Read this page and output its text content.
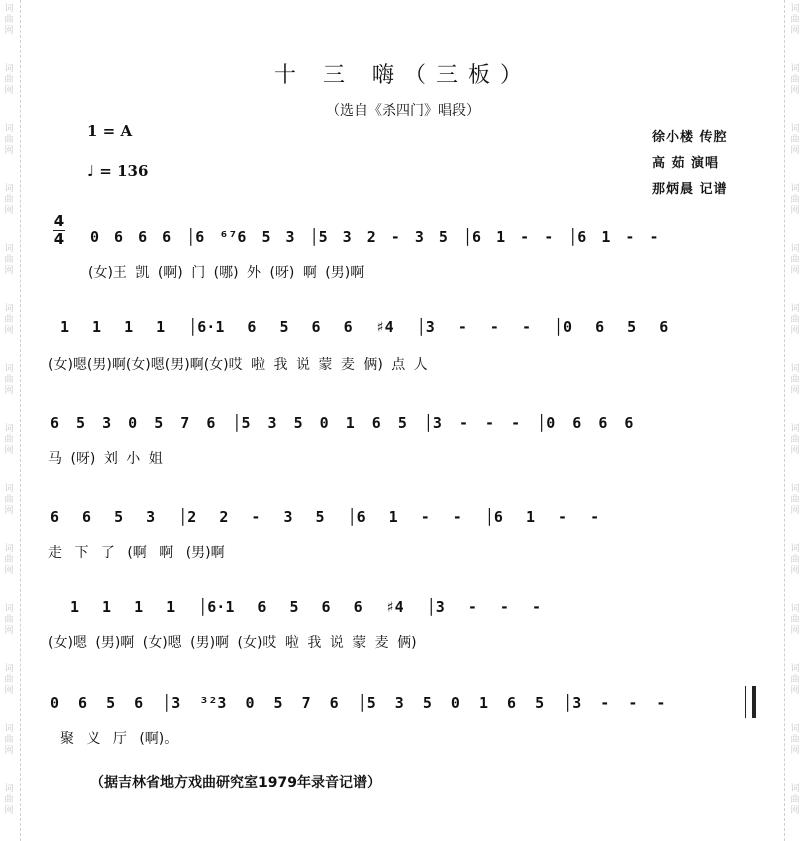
词
曲
网
词
曲
网
词
曲
网
词
曲
网
词
曲
网
词
曲
网
词
曲
网
词
曲
网
词
曲
网
词
曲
网
词
曲
网
词
曲
网
词
曲
网
词
曲
网
词
曲
网
词
曲
网
词
曲
网
词
曲
网
词
曲
网
词
曲
网
词
曲
网
词
曲
网
词
曲
网
词
曲
网
词
曲
网
词
曲
网
词
曲
网
词
曲
网
十 三 嗨（三板）
（选自《杀四门》唱段）
1 = A
♩ = 136
徐小楼 传腔
高 茹 演唱
那炳晨 记谱
4
4 0 6 6 6 │6 ⁶⁷6 5 3 │5 3 2 - 3 5 │6 1 - - │6 1 - -
(女)王 凯 (啊) 门 (哪) 外 (呀) 啊 (男)啊
1 1 1 1 │6·1 6 5 6 6 ♯4 │3 - - - │0 6 5 6
(女)嗯(男)啊(女)嗯(男)啊(女)哎 啦 我 说 蒙 麦 俩) 点 人
6 5 3 0 5 7 6 │5 3 5 0 1 6 5 │3 - - - │0 6 6 6
马 (呀) 刘 小 姐
6 6 5 3 │2 2 - 3 5 │6 1 - - │6 1 - -
走 下 了 (啊 啊 (男)啊
1 1 1 1 │6·1 6 5 6 6 ♯4 │3 - - -
(女)嗯 (男)啊 (女)嗯 (男)啊 (女)哎 啦 我 说 蒙 麦 俩)
0 6 5 6 │3 ³²3 0 5 7 6 │5 3 5 0 1 6 5 │3 - - -
聚 义 厅 (啊)。
（据吉林省地方戏曲研究室1979年录音记谱）
